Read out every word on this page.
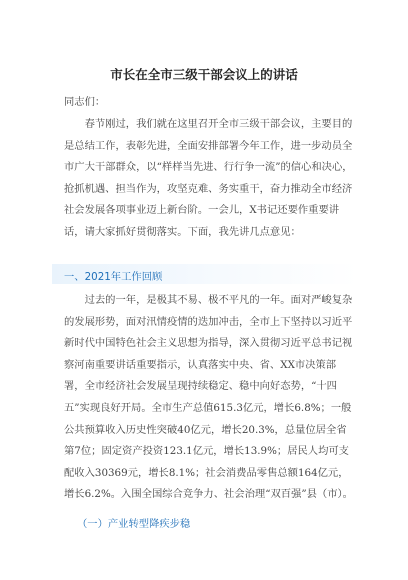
市长在全市三级干部会议上的讲话
同志们：
　　春节刚过，我们就在这里召开全市三级干部会议，主要目的是总结工作，表彰先进，全面安排部署今年工作，进一步动员全市广大干部群众，以“样样当先进、行行争一流”的信心和决心，抢抓机遇、担当作为，攻坚克难、务实重干，奋力推动全市经济社会发展各项事业迈上新台阶。一会儿，X书记还要作重要讲话，请大家抓好贯彻落实。下面，我先讲几点意见：
一、2021年工作回顾
　　过去的一年，是极其不易、极不平凡的一年。面对严峻复杂的发展形势，面对汛情疫情的迭加冲击，全市上下坚持以习近平新时代中国特色社会主义思想为指导，深入贯彻习近平总书记视察河南重要讲话重要指示，认真落实中央、省、XX市决策部署，全市经济社会发展呈现持续稳定、稳中向好态势，“十四五”实现良好开局。全市生产总值615.3亿元，增长6.8%；一般公共预算收入历史性突破40亿元，增长20.3%，总量位居全省第7位；固定资产投资123.1亿元，增长13.9%；居民人均可支配收入30369元，增长8.1%；社会消费品零售总额164亿元，增长6.2%。入围全国综合竞争力、社会治理“双百强”县（市）。
（一）产业转型降疾步稳
